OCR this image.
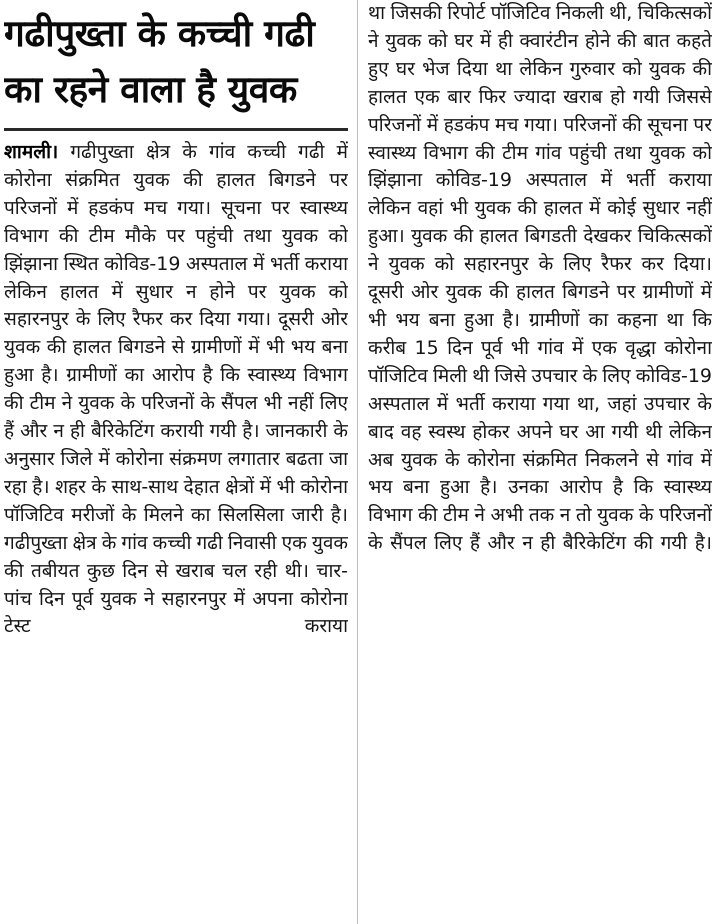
गढीपुख्ता के कच्ची गढी का रहने वाला है युवक

शामली। गढीपुख्ता क्षेत्र के गांव कच्ची गढी में कोरोना संक्रमित युवक की हालत बिगडने पर परिजनों में हडकंप मच गया। सूचना पर स्वास्थ्य विभाग की टीम मौके पर पहुंची तथा युवक को झिंझाना स्थित कोविड-19 अस्पताल में भर्ती कराया लेकिन हालत में सुधार न होने पर युवक को सहारनपुर के लिए रैफर कर दिया गया। दूसरी ओर युवक की हालत बिगडने से ग्रामीणों में भी भय बना हुआ है। ग्रामीणों का आरोप है कि स्वास्थ्य विभाग की टीम ने युवक के परिजनों के सैंपल भी नहीं लिए हैं और न ही बैरिकेटिंग करायी गयी है। जानकारी के अनुसार जिले में कोरोना संक्रमण लगातार बढता जा रहा है। शहर के साथ-साथ देहात क्षेत्रों में भी कोरोना पॉजिटिव मरीजों के मिलने का सिलसिला जारी है। गढीपुख्ता क्षेत्र के गांव कच्ची गढी निवासी एक युवक की तबीयत कुछ दिन से खराब चल रही थी। चार-पांच दिन पूर्व युवक ने सहारनपुर में अपना कोरोना टेस्ट कराया

था जिसकी रिपोर्ट पॉजिटिव निकली थी, चिकित्सकों ने युवक को घर में ही क्वारंटीन होने की बात कहते हुए घर भेज दिया था लेकिन गुरुवार को युवक की हालत एक बार फिर ज्यादा खराब हो गयी जिससे परिजनों में हडकंप मच गया। परिजनों की सूचना पर स्वास्थ्य विभाग की टीम गांव पहुंची तथा युवक को झिंझाना कोविड-19 अस्पताल में भर्ती कराया लेकिन वहां भी युवक की हालत में कोई सुधार नहीं हुआ। युवक की हालत बिगडती देखकर चिकित्सकों ने युवक को सहारनपुर के लिए रैफर कर दिया। दूसरी ओर युवक की हालत बिगडने पर ग्रामीणों में भी भय बना हुआ है। ग्रामीणों का कहना था कि करीब 15 दिन पूर्व भी गांव में एक वृद्धा कोरोना पॉजिटिव मिली थी जिसे उपचार के लिए कोविड-19 अस्पताल में भर्ती कराया गया था, जहां उपचार के बाद वह स्वस्थ होकर अपने घर आ गयी थी लेकिन अब युवक के कोरोना संक्रमित निकलने से गांव में भय बना हुआ है। उनका आरोप है कि स्वास्थ्य विभाग की टीम ने अभी तक न तो युवक के परिजनों के सैंपल लिए हैं और न ही बैरिकेटिंग की गयी है।
